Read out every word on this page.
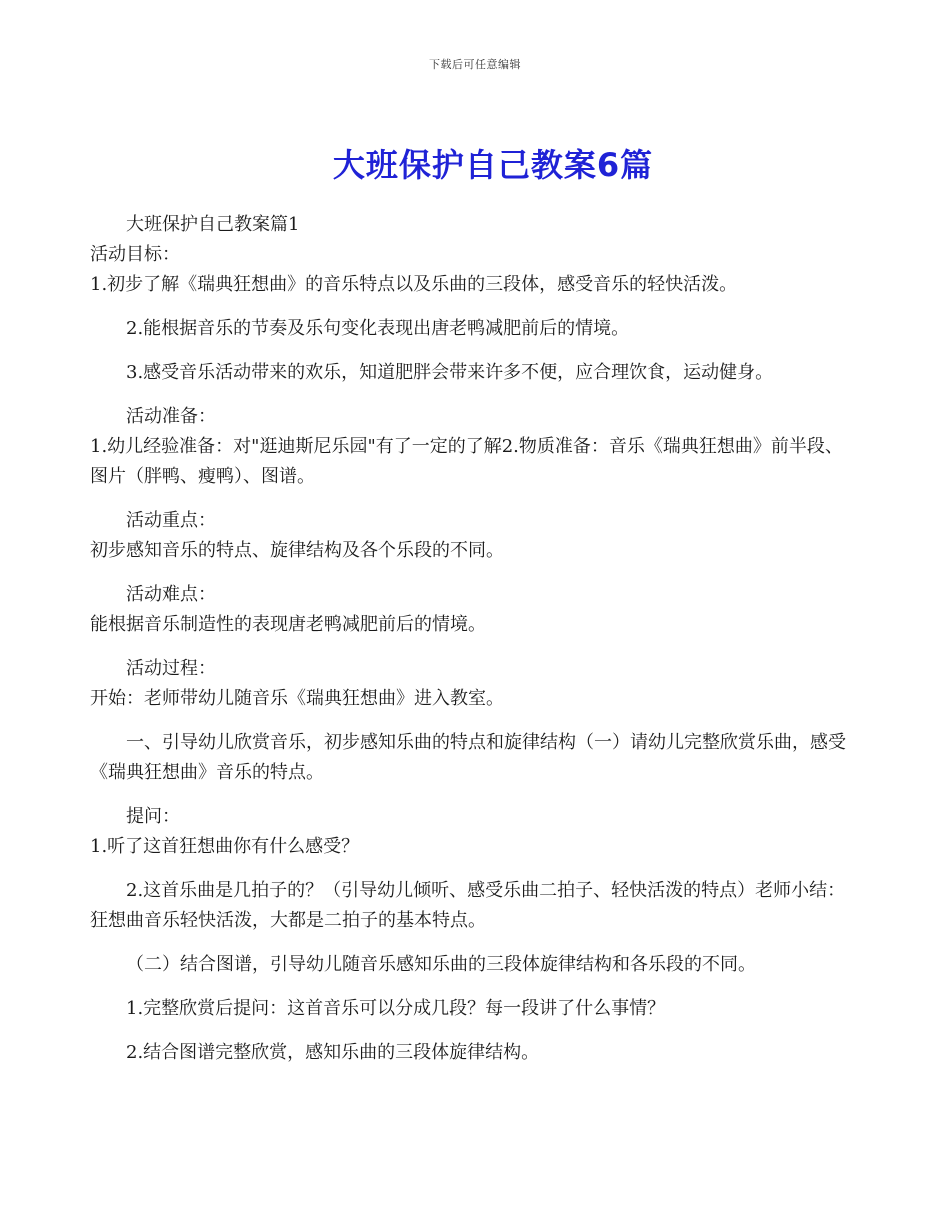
下载后可任意编辑
大班保护自己教案6篇

大班保护自己教案篇1

活动目标：

1.初步了解《瑞典狂想曲》的音乐特点以及乐曲的三段体，感受音乐的轻快活泼。

2.能根据音乐的节奏及乐句变化表现出唐老鸭减肥前后的情境。

3.感受音乐活动带来的欢乐，知道肥胖会带来许多不便，应合理饮食，运动健身。

活动准备：

1.幼儿经验准备：对"逛迪斯尼乐园"有了一定的了解2.物质准备：音乐《瑞典狂想曲》前半段、图片（胖鸭、瘦鸭）、图谱。

活动重点：

初步感知音乐的特点、旋律结构及各个乐段的不同。

活动难点：

能根据音乐制造性的表现唐老鸭减肥前后的情境。

活动过程：

开始：老师带幼儿随音乐《瑞典狂想曲》进入教室。

一、引导幼儿欣赏音乐，初步感知乐曲的特点和旋律结构（一）请幼儿完整欣赏乐曲，感受《瑞典狂想曲》音乐的特点。

提问：

1.听了这首狂想曲你有什么感受？

2.这首乐曲是几拍子的？（引导幼儿倾听、感受乐曲二拍子、轻快活泼的特点）老师小结：狂想曲音乐轻快活泼，大都是二拍子的基本特点。

（二）结合图谱，引导幼儿随音乐感知乐曲的三段体旋律结构和各乐段的不同。

1.完整欣赏后提问：这首音乐可以分成几段？每一段讲了什么事情？

2.结合图谱完整欣赏，感知乐曲的三段体旋律结构。
